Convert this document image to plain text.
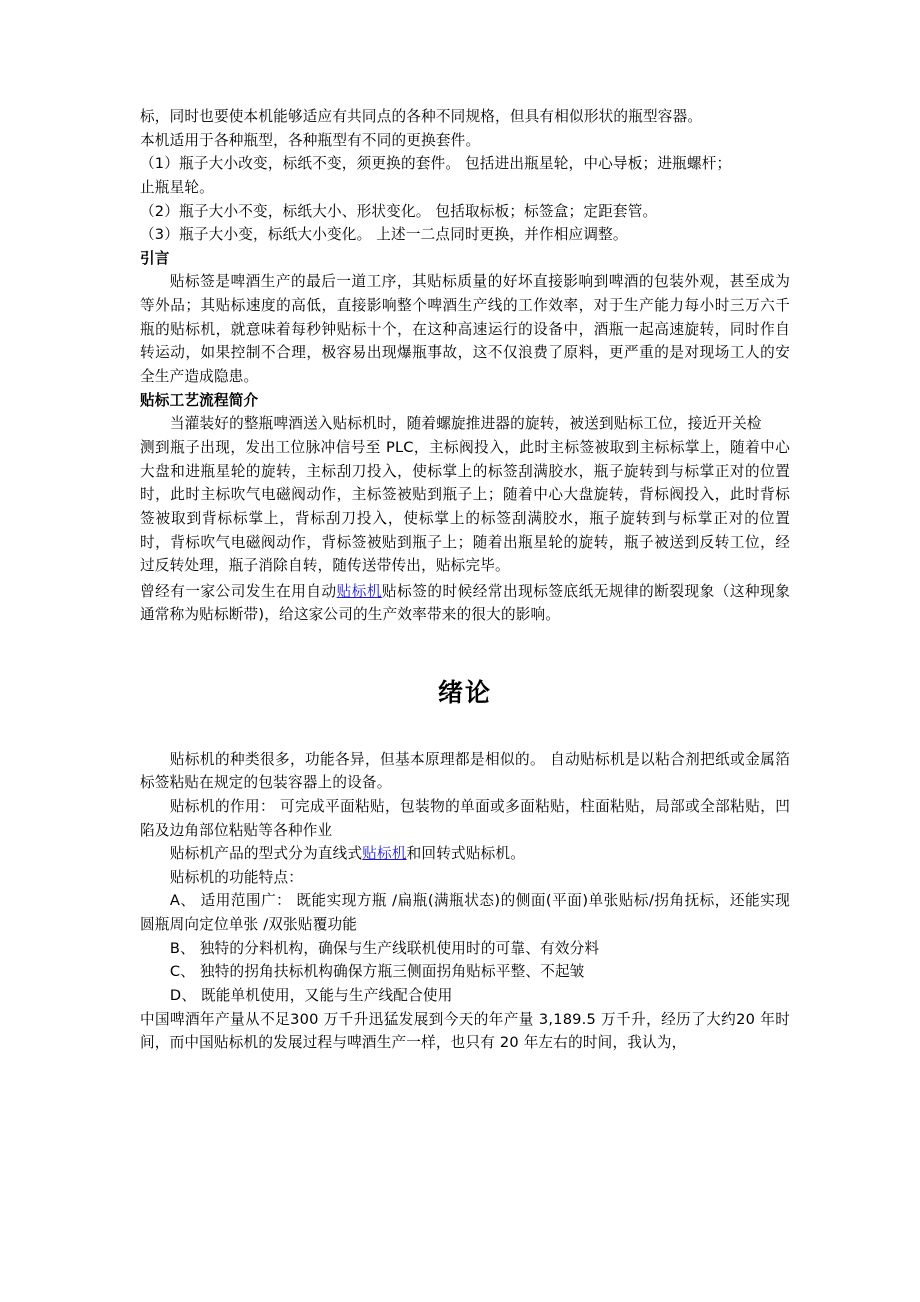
标，同时也要使本机能够适应有共同点的各种不同规格，但具有相似形状的瓶型容器。

本机适用于各种瓶型，各种瓶型有不同的更换套件。

（1）瓶子大小改变，标纸不变，须更换的套件。 包括进出瓶星轮，中心导板；进瓶螺杆；

止瓶星轮。

（2）瓶子大小不变，标纸大小、形状变化。 包括取标板；标签盒；定距套管。

（3）瓶子大小变，标纸大小变化。 上述一二点同时更换，并作相应调整。

引言

贴标签是啤酒生产的最后一道工序，其贴标质量的好坏直接影响到啤酒的包装外观，甚至成为等外品；其贴标速度的高低，直接影响整个啤酒生产线的工作效率，对于生产能力每小时三万六千瓶的贴标机，就意味着每秒钟贴标十个，在这种高速运行的设备中，酒瓶一起高速旋转，同时作自转运动，如果控制不合理，极容易出现爆瓶事故，这不仅浪费了原料，更严重的是对现场工人的安全生产造成隐患。

贴标工艺流程简介

当灌装好的整瓶啤酒送入贴标机时，随着螺旋推进器的旋转，被送到贴标工位，接近开关检

测到瓶子出现，发出工位脉冲信号至 PLC，主标阀投入，此时主标签被取到主标标掌上，随着中心大盘和进瓶星轮的旋转，主标刮刀投入，使标掌上的标签刮满胶水，瓶子旋转到与标掌正对的位置时，此时主标吹气电磁阀动作，主标签被贴到瓶子上；随着中心大盘旋转，背标阀投入，此时背标签被取到背标标掌上，背标刮刀投入，使标掌上的标签刮满胶水，瓶子旋转到与标掌正对的位置时，背标吹气电磁阀动作，背标签被贴到瓶子上；随着出瓶星轮的旋转，瓶子被送到反转工位，经过反转处理，瓶子消除自转，随传送带传出，贴标完毕。

曾经有一家公司发生在用自动贴标机贴标签的时候经常出现标签底纸无规律的断裂现象（这种现象通常称为贴标断带)，给这家公司的生产效率带来的很大的影响。

绪论

贴标机的种类很多，功能各异，但基本原理都是相似的。 自动贴标机是以粘合剂把纸或金属箔标签粘贴在规定的包装容器上的设备。

贴标机的作用： 可完成平面粘贴，包装物的单面或多面粘贴，柱面粘贴，局部或全部粘贴，凹陷及边角部位粘贴等各种作业

贴标机产品的型式分为直线式贴标机和回转式贴标机。

贴标机的功能特点：

A、 适用范围广： 既能实现方瓶 /扁瓶(满瓶状态)的侧面(平面)单张贴标/拐角抚标，还能实现圆瓶周向定位单张 /双张贴覆功能

B、 独特的分料机构，确保与生产线联机使用时的可靠、有效分料

C、 独特的拐角扶标机构确保方瓶三侧面拐角贴标平整、不起皱

D、 既能单机使用，又能与生产线配合使用

中国啤酒年产量从不足300 万千升迅猛发展到今天的年产量 3,189.5 万千升，经历了大约20 年时间，而中国贴标机的发展过程与啤酒生产一样，也只有 20 年左右的时间，我认为，
